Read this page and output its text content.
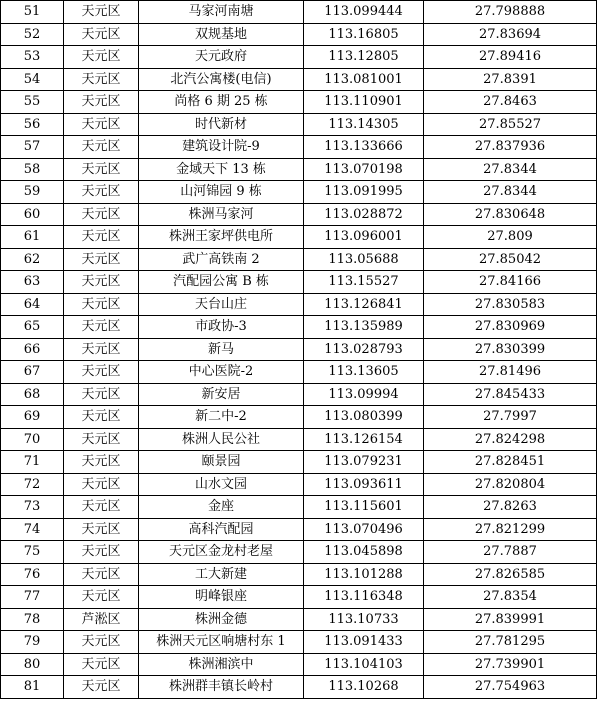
51	天元区	马家河南塘	113.099444	27.798888
52	天元区	双规基地	113.16805	27.83694
53	天元区	天元政府	113.12805	27.89416
54	天元区	北汽公寓楼(电信)	113.081001	27.8391
55	天元区	尚格 6 期 25 栋	113.110901	27.8463
56	天元区	时代新材	113.14305	27.85527
57	天元区	建筑设计院-9	113.133666	27.837936
58	天元区	金域天下 13 栋	113.070198	27.8344
59	天元区	山河锦园 9 栋	113.091995	27.8344
60	天元区	株洲马家河	113.028872	27.830648
61	天元区	株洲王家坪供电所	113.096001	27.809
62	天元区	武广高铁南 2	113.05688	27.85042
63	天元区	汽配园公寓 B 栋	113.15527	27.84166
64	天元区	天台山庄	113.126841	27.830583
65	天元区	市政协-3	113.135989	27.830969
66	天元区	新马	113.028793	27.830399
67	天元区	中心医院-2	113.13605	27.81496
68	天元区	新安居	113.09994	27.845433
69	天元区	新二中-2	113.080399	27.7997
70	天元区	株洲人民公社	113.126154	27.824298
71	天元区	颐景园	113.079231	27.828451
72	天元区	山水文园	113.093611	27.820804
73	天元区	金座	113.115601	27.8263
74	天元区	高科汽配园	113.070496	27.821299
75	天元区	天元区金龙村老屋	113.045898	27.7887
76	天元区	工大新建	113.101288	27.826585
77	天元区	明峰银座	113.116348	27.8354
78	芦淞区	株洲金德	113.10733	27.839991
79	天元区	株洲天元区响塘村东 1	113.091433	27.781295
80	天元区	株洲湘滨中	113.104103	27.739901
81	天元区	株洲群丰镇长岭村	113.10268	27.754963
